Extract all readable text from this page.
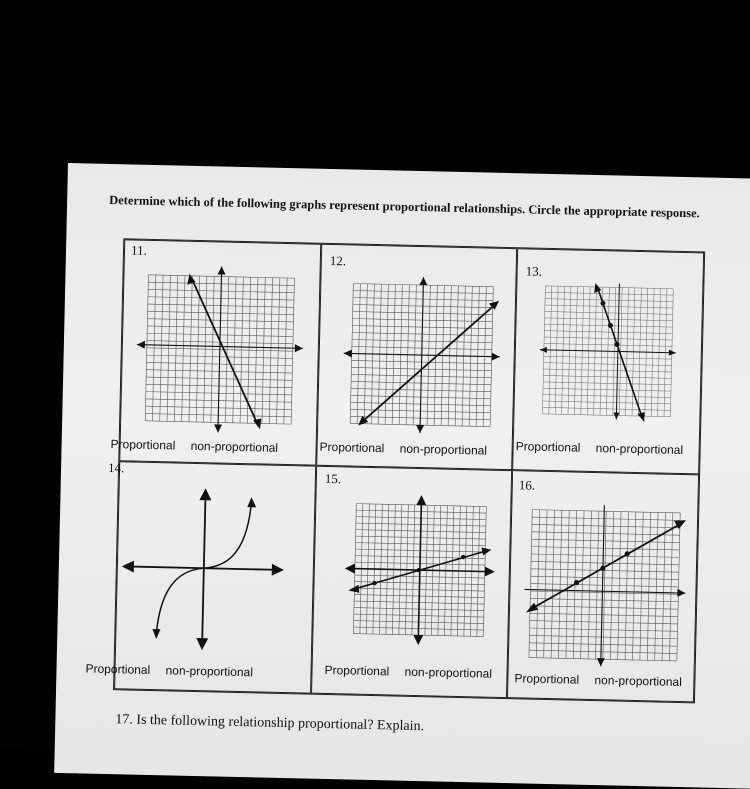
Determine which of the following graphs represent proportional relationships. Circle the appropriate response.
11.
Proportional non-proportional
12.
Proportional non-proportional
13.
Proportional non-proportional
14.
Proportional non-proportional
15.
Proportional non-proportional
16.
Proportional non-proportional
17. Is the following relationship proportional? Explain.
